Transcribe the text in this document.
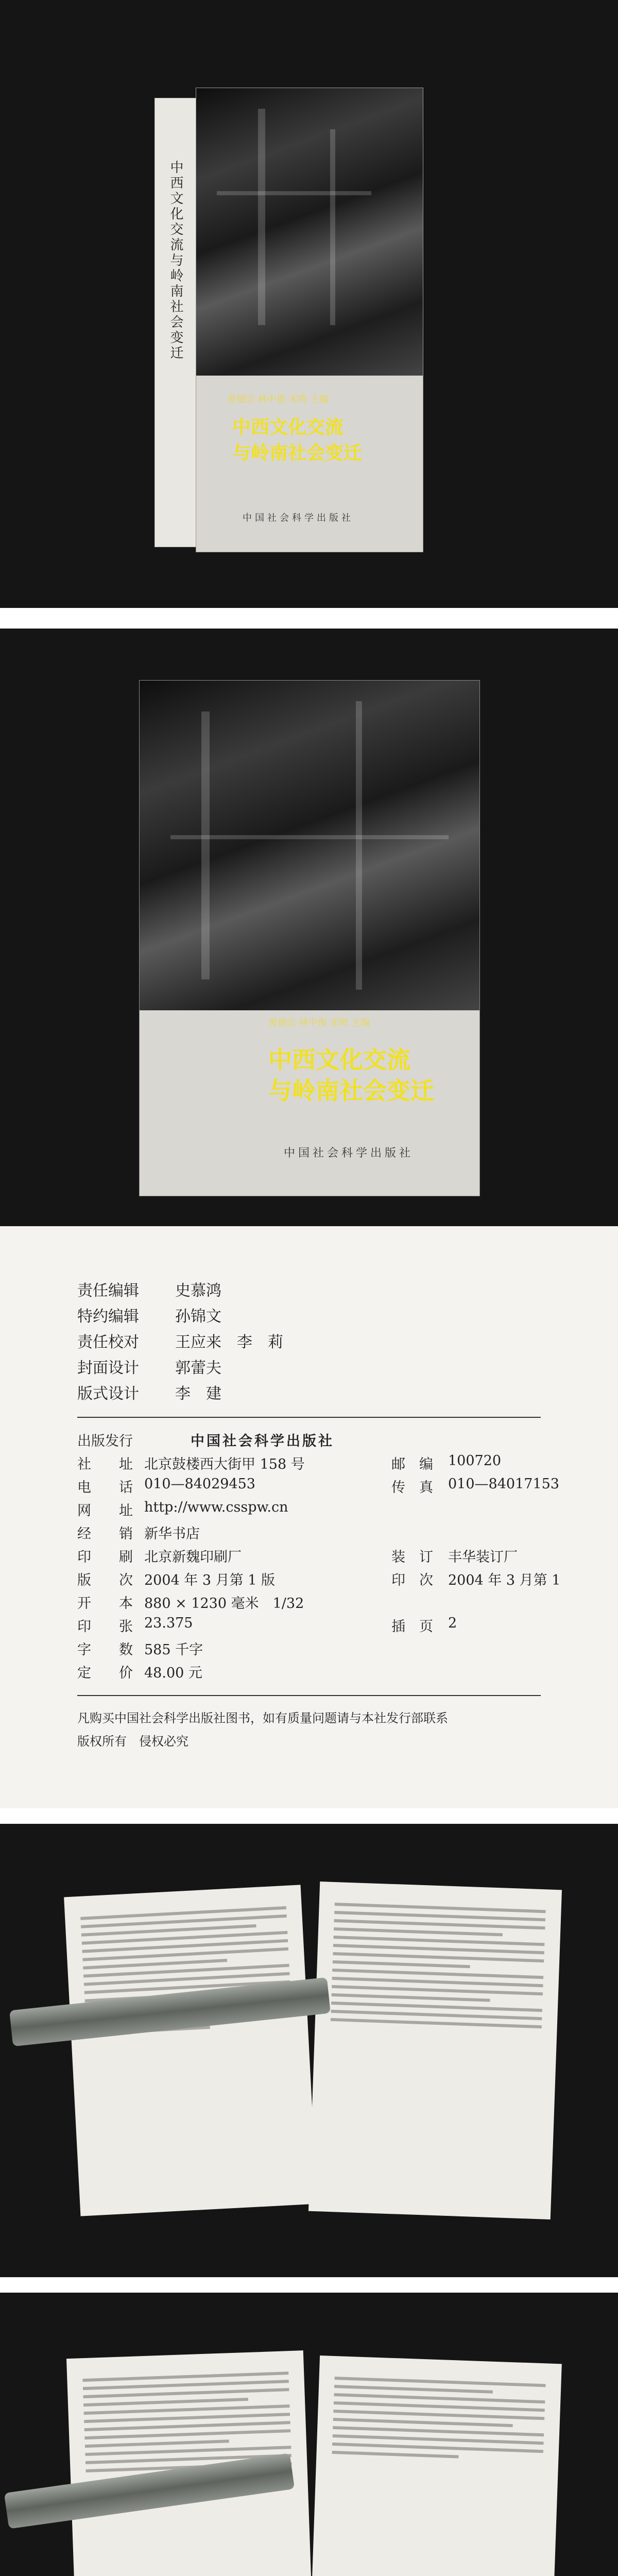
中西文化交流与岭南社会变迁
黄德宗 林中俊 宋鸣 主编
中西文化交流
与岭南社会变迁
中国社会科学出版社
黄德宗 林中俊 宋鸣 主编
中西文化交流
与岭南社会变迁
中国社会科学出版社
责任编辑 史慕鸿
特约编辑 孙锦文
责任校对 王应来　李　莉
封面设计 郭蕾夫
版式设计 李　建
出版发行	中国社会科学出版社
社　　址 北京鼓楼西大街甲 158 号	邮　编 100720
电　　话 010—84029453	传　真 010—84017153
网　　址 http://www.csspw.cn
经　　销 新华书店
印　　刷 北京新魏印刷厂	装　订 丰华装订厂
版　　次 2004 年 3 月第 1 版	印　次 2004 年 3 月第 1
开　　本 880 × 1230 毫米　1/32
印　　张 23.375	插　页 2
字　　数 585 千字
定　　价 48.00 元
凡购买中国社会科学出版社图书，如有质量问题请与本社发行部联系
版权所有　侵权必究
